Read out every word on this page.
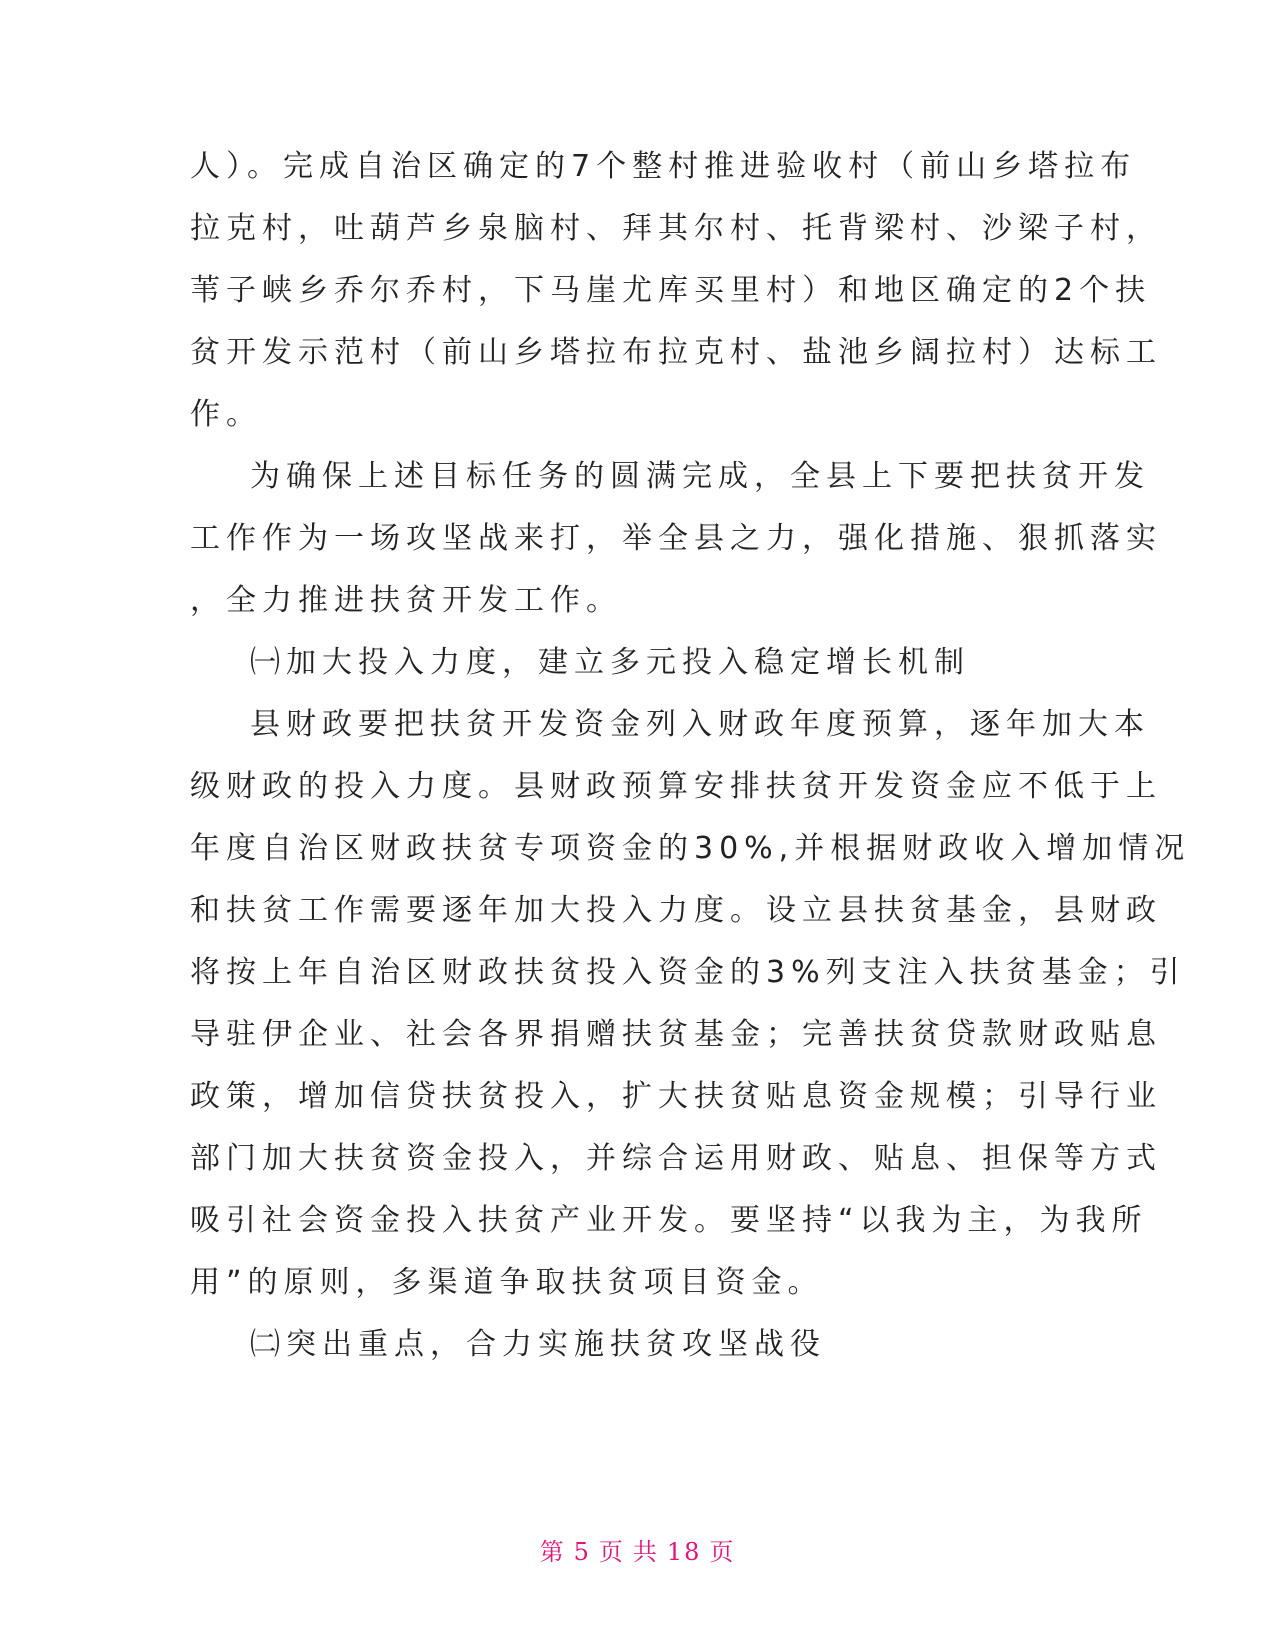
人）。完成自治区确定的7个整村推进验收村（前山乡塔拉布
拉克村，吐葫芦乡泉脑村、拜其尔村、托背梁村、沙梁子村，
苇子峡乡乔尔乔村，下马崖尤库买里村）和地区确定的2个扶
贫开发示范村（前山乡塔拉布拉克村、盐池乡阔拉村）达标工
作。
为确保上述目标任务的圆满完成，全县上下要把扶贫开发
工作作为一场攻坚战来打，举全县之力，强化措施、狠抓落实
，全力推进扶贫开发工作。
㈠加大投入力度，建立多元投入稳定增长机制
县财政要把扶贫开发资金列入财政年度预算，逐年加大本
级财政的投入力度。县财政预算安排扶贫开发资金应不低于上
年度自治区财政扶贫专项资金的30%,并根据财政收入增加情况
和扶贫工作需要逐年加大投入力度。设立县扶贫基金，县财政
将按上年自治区财政扶贫投入资金的3%列支注入扶贫基金；引
导驻伊企业、社会各界捐赠扶贫基金；完善扶贫贷款财政贴息
政策，增加信贷扶贫投入，扩大扶贫贴息资金规模；引导行业
部门加大扶贫资金投入，并综合运用财政、贴息、担保等方式
吸引社会资金投入扶贫产业开发。要坚持“以我为主，为我所
用”的原则，多渠道争取扶贫项目资金。
㈡突出重点，合力实施扶贫攻坚战役
第 5 页 共 18 页
